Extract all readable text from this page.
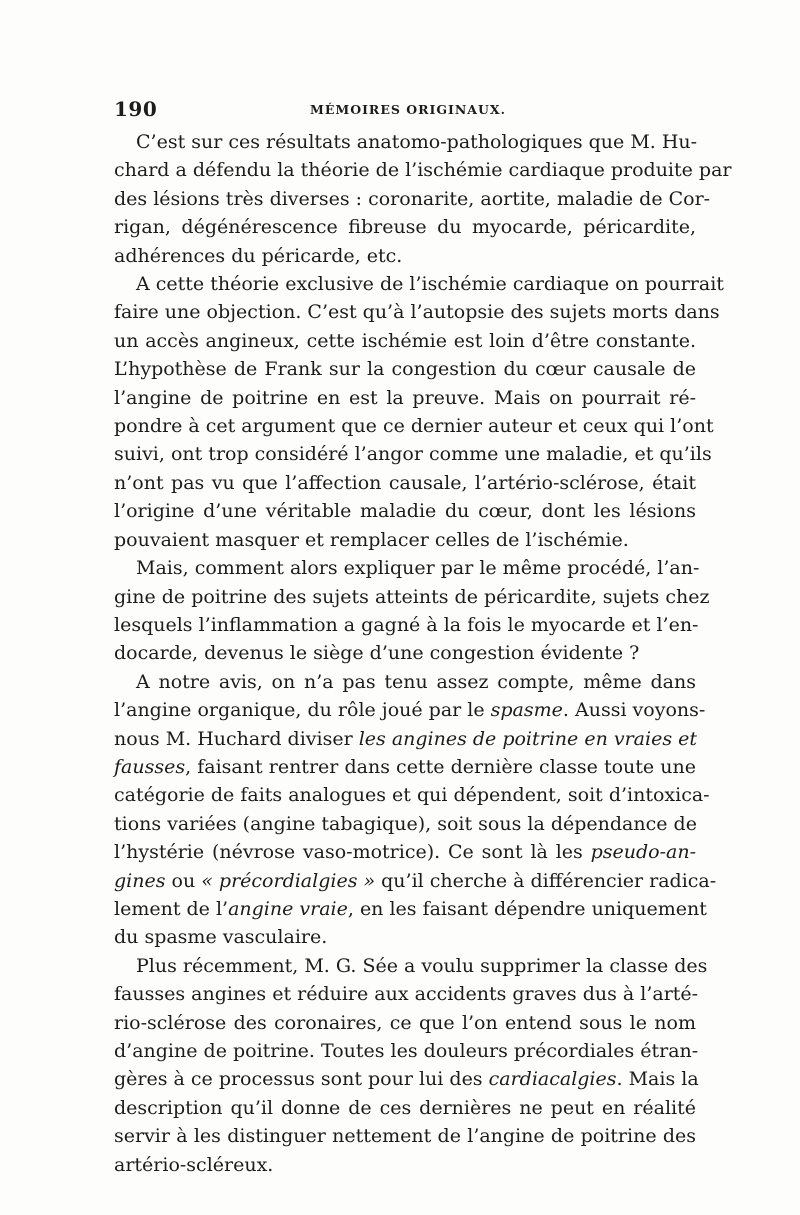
190	MÉMOIRES ORIGINAUX.
C’est sur ces résultats anatomo-pathologiques que M. Hu-
chard a défendu la théorie de l’ischémie cardiaque produite par
des lésions très diverses : coronarite, aortite, maladie de Cor-
rigan, dégénérescence fibreuse du myocarde, péricardite,
adhérences du péricarde, etc.
A cette théorie exclusive de l’ischémie cardiaque on pourrait
faire une objection. C’est qu’à l’autopsie des sujets morts dans
un accès angineux, cette ischémie est loin d’être constante.
L’hypothèse de Frank sur la congestion du cœur causale de
l’angine de poitrine en est la preuve. Mais on pourrait ré-
pondre à cet argument que ce dernier auteur et ceux qui l’ont
suivi, ont trop considéré l’angor comme une maladie, et qu’ils
n’ont pas vu que l’affection causale, l’artério-sclérose, était
l’origine d’une véritable maladie du cœur, dont les lésions
pouvaient masquer et remplacer celles de l’ischémie.
Mais, comment alors expliquer par le même procédé, l’an-
gine de poitrine des sujets atteints de péricardite, sujets chez
lesquels l’inflammation a gagné à la fois le myocarde et l’en-
docarde, devenus le siège d’une congestion évidente ?
A notre avis, on n’a pas tenu assez compte, même dans
l’angine organique, du rôle joué par le spasme. Aussi voyons-
nous M. Huchard diviser les angines de poitrine en vraies et
fausses, faisant rentrer dans cette dernière classe toute une
catégorie de faits analogues et qui dépendent, soit d’intoxica-
tions variées (angine tabagique), soit sous la dépendance de
l’hystérie (névrose vaso-motrice). Ce sont là les pseudo-an-
gines ou « précordialgies » qu’il cherche à différencier radica-
lement de l’angine vraie, en les faisant dépendre uniquement
du spasme vasculaire.
Plus récemment, M. G. Sée a voulu supprimer la classe des
fausses angines et réduire aux accidents graves dus à l’arté-
rio-sclérose des coronaires, ce que l’on entend sous le nom
d’angine de poitrine. Toutes les douleurs précordiales étran-
gères à ce processus sont pour lui des cardiacalgies. Mais la
description qu’il donne de ces dernières ne peut en réalité
servir à les distinguer nettement de l’angine de poitrine des
artério-scléreux.
